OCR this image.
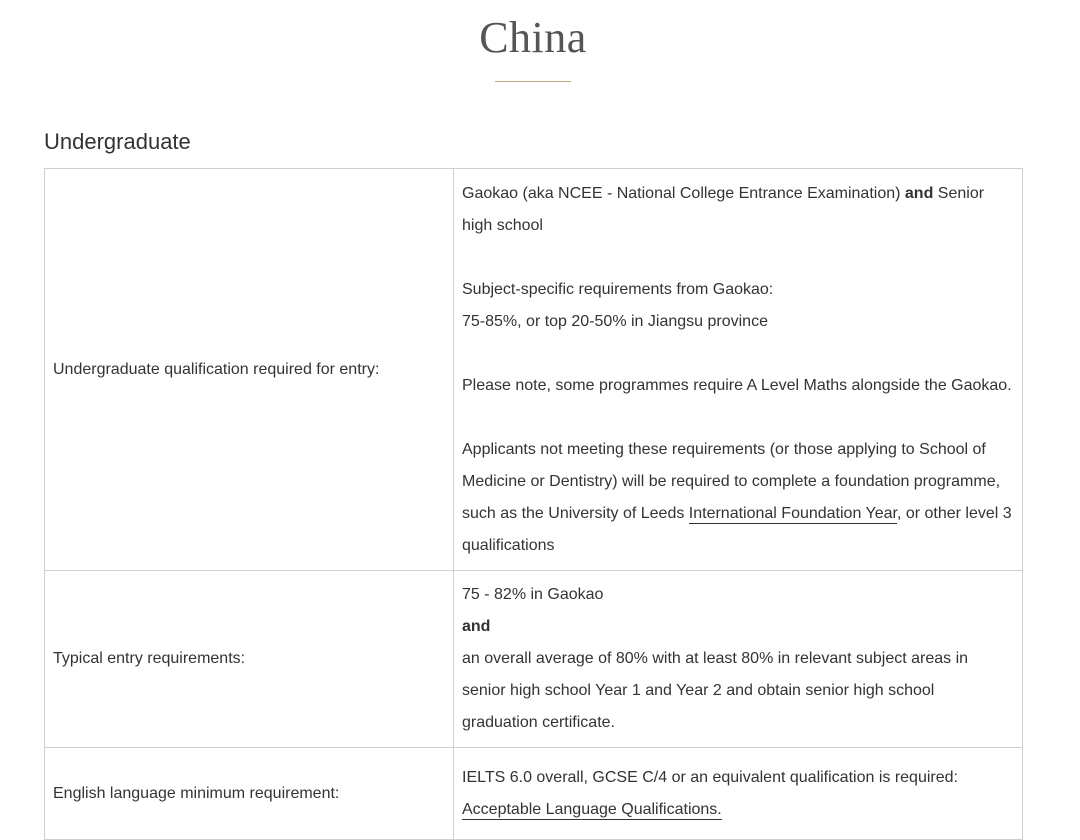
China
Undergraduate
Undergraduate qualification required for entry:	Gaokao (aka NCEE - National College Entrance Examination) and Senior high school
Subject-specific requirements from Gaokao:
75-85%, or top 20-50% in Jiangsu province
Please note, some programmes require A Level Maths alongside the Gaokao.
Applicants not meeting these requirements (or those applying to School of Medicine or Dentistry) will be required to complete a foundation programme, such as the University of Leeds International Foundation Year, or other level 3 qualifications

Typical entry requirements:	75 - 82% in Gaokao
and
an overall average of 80% with at least 80% in relevant subject areas in senior high school Year 1 and Year 2 and obtain senior high school graduation certificate.

English language minimum requirement:	IELTS 6.0 overall, GCSE C/4 or an equivalent qualification is required:
Acceptable Language Qualifications.
